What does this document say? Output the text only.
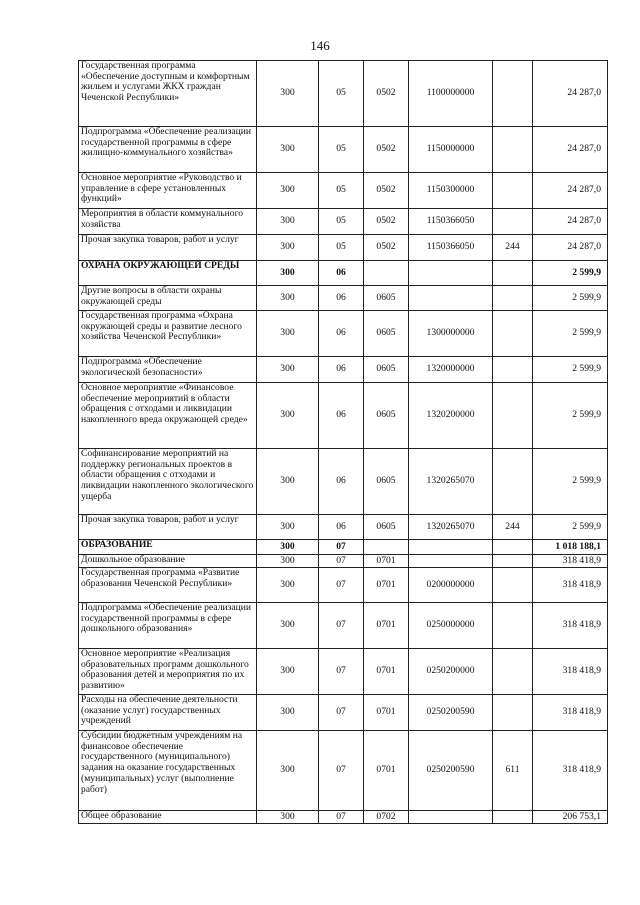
146
Государственная программа «Обеспечение доступным и комфортным жильем и услугами ЖКХ граждан Чеченской Республики»	300	05	0502	1100000000		24 287,0
Подпрограмма «Обеспечение реализации государственной программы в сфере жилищно-коммунального хозяйства»	300	05	0502	1150000000		24 287,0
Основное мероприятие «Руководство и управление в сфере установленных функций»	300	05	0502	1150300000		24 287,0
Мероприятия в области коммунального хозяйства	300	05	0502	1150366050		24 287,0
Прочая закупка товаров, работ и услуг	300	05	0502	1150366050	244	24 287,0
ОХРАНА ОКРУЖАЮЩЕЙ СРЕДЫ	300	06				2 599,9
Другие вопросы в области охраны окружающей среды	300	06	0605			2 599,9
Государственная программа «Охрана окружающей среды и развитие лесного хозяйства Чеченской Республики»	300	06	0605	1300000000		2 599,9
Подпрограмма «Обеспечение экологической безопасности»	300	06	0605	1320000000		2 599,9
Основное мероприятие «Финансовое обеспечение мероприятий в области обращения с отходами и ликвидации накопленного вреда окружающей среде»	300	06	0605	1320200000		2 599,9
Софинансирование мероприятий на поддержку региональных проектов в области обращения с отходами и ликвидации накопленного экологического ущерба	300	06	0605	1320265070		2 599,9
Прочая закупка товаров, работ и услуг	300	06	0605	1320265070	244	2 599,9
ОБРАЗОВАНИЕ	300	07				1 018 188,1
Дошкольное образование	300	07	0701			318 418,9
Государственная программа «Развитие образования Чеченской Республики»	300	07	0701	0200000000		318 418,9
Подпрограмма «Обеспечение реализации государственной программы в сфере дошкольного образования»	300	07	0701	0250000000		318 418,9
Основное мероприятие «Реализация образовательных программ дошкольного образования детей и мероприятия по их развитию»	300	07	0701	0250200000		318 418,9
Расходы на обеспечение деятельности (оказание услуг) государственных учреждений	300	07	0701	0250200590		318 418,9
Субсидии бюджетным учреждениям на финансовое обеспечение государственного (муниципального) задания на оказание государственных (муниципальных) услуг (выполнение работ)	300	07	0701	0250200590	611	318 418,9
Общее образование	300	07	0702			206 753,1
